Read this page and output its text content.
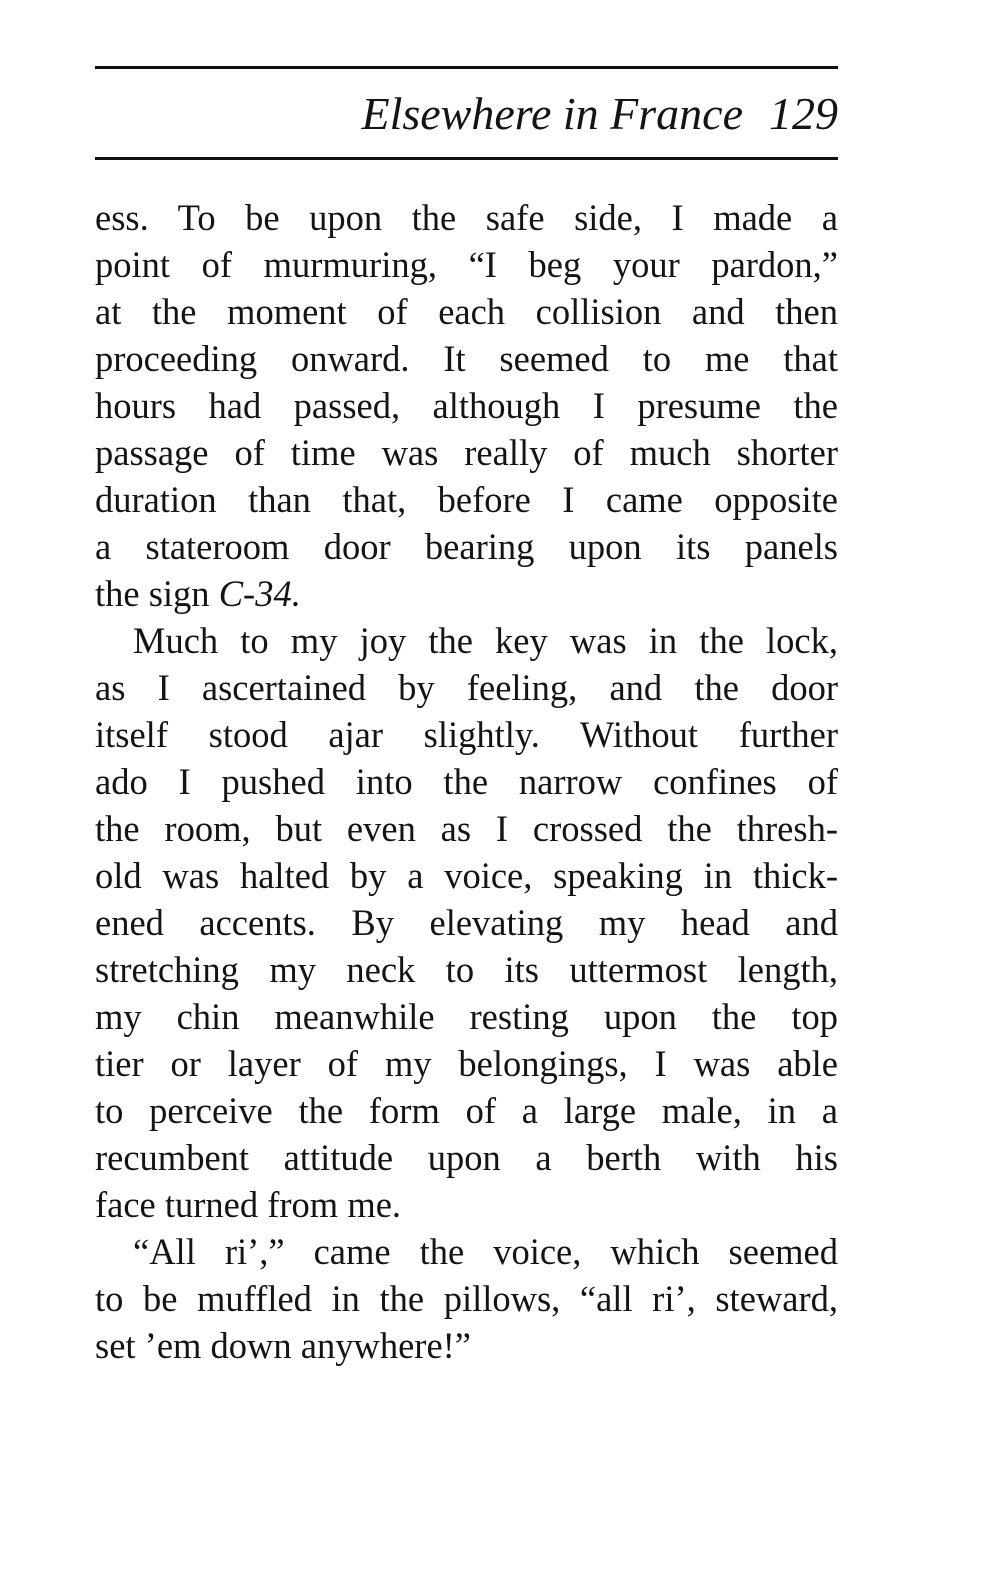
Elsewhere in France 129
ess. To be upon the safe side, I made a
point of murmuring, “I beg your pardon,”
at the moment of each collision and then
proceeding onward. It seemed to me that
hours had passed, although I presume the
passage of time was really of much shorter
duration than that, before I came opposite
a stateroom door bearing upon its panels
the sign C-34.
Much to my joy the key was in the lock,
as I ascertained by feeling, and the door
itself stood ajar slightly. Without further
ado I pushed into the narrow confines of
the room, but even as I crossed the thresh-
old was halted by a voice, speaking in thick-
ened accents. By elevating my head and
stretching my neck to its uttermost length,
my chin meanwhile resting upon the top
tier or layer of my belongings, I was able
to perceive the form of a large male, in a
recumbent attitude upon a berth with his
face turned from me.
“All ri’,” came the voice, which seemed
to be muffled in the pillows, “all ri’, steward,
set ’em down anywhere!”
